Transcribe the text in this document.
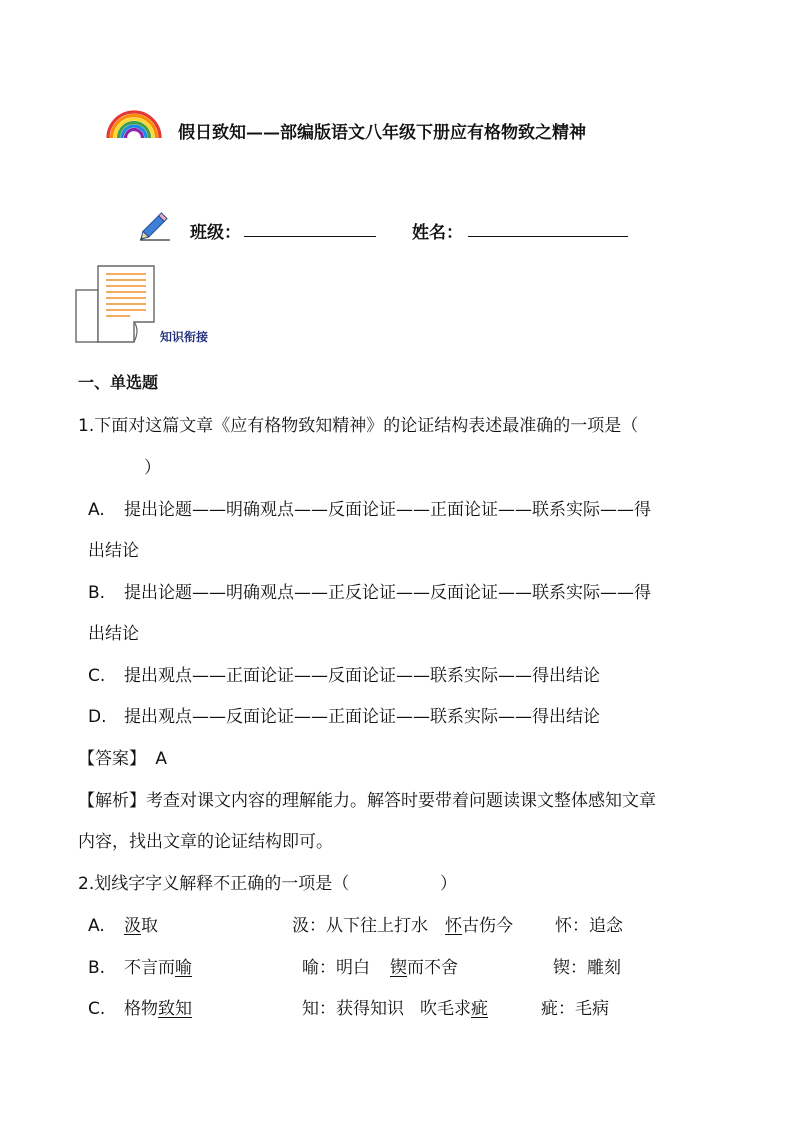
假日致知——部编版语文八年级下册应有格物致之精神
班级：	姓名：
知识衔接
一、单选题
1.下面对这篇文章《应有格物致知精神》的论证结构表述最准确的一项是（
）
A. 提出论题——明确观点——反面论证——正面论证——联系实际——得
出结论
B. 提出论题——明确观点——正反论证——反面论证——联系实际——得
出结论
C. 提出观点——正面论证——反面论证——联系实际——得出结论
D. 提出观点——反面论证——正面论证——联系实际——得出结论
【答案】 A
【解析】考查对课文内容的理解能力。解答时要带着问题读课文整体感知文章
内容，找出文章的论证结构即可。
2.划线字字义解释不正确的一项是（	）
A. 汲取	汲：从下往上打水 怀古伤今 怀：追念
B. 不言而喻	喻：明白 锲而不舍	锲：雕刻
C. 格物致知	知：获得知识 吹毛求疵	疵：毛病
